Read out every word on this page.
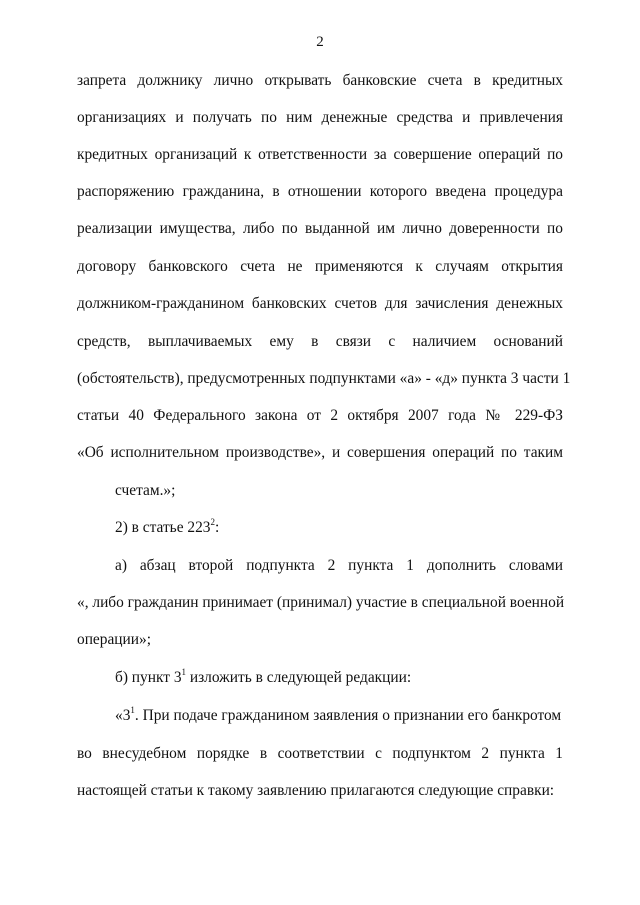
2
запрета должнику лично открывать банковские счета в кредитных
организациях и получать по ним денежные средства и привлечения
кредитных организаций к ответственности за совершение операций по
распоряжению гражданина, в отношении которого введена процедура
реализации имущества, либо по выданной им лично доверенности по
договору банковского счета не применяются к случаям открытия
должником-гражданином банковских счетов для зачисления денежных
средств, выплачиваемых ему в связи с наличием оснований
(обстоятельств), предусмотренных подпунктами «а» - «д» пункта 3 части 1
статьи 40 Федерального закона от 2 октября 2007 года № 229-ФЗ
«Об исполнительном производстве», и совершения операций по таким
счетам.»;
2) в статье $223^2$:
а) абзац второй подпункта 2 пункта 1 дополнить словами
«, либо гражданин принимает (принимал) участие в специальной военной
операции»;
б) пункт $3^1$ изложить в следующей редакции:
«$3^1$. При подаче гражданином заявления о признании его банкротом
во внесудебном порядке в соответствии с подпунктом 2 пункта 1
настоящей статьи к такому заявлению прилагаются следующие справки:
